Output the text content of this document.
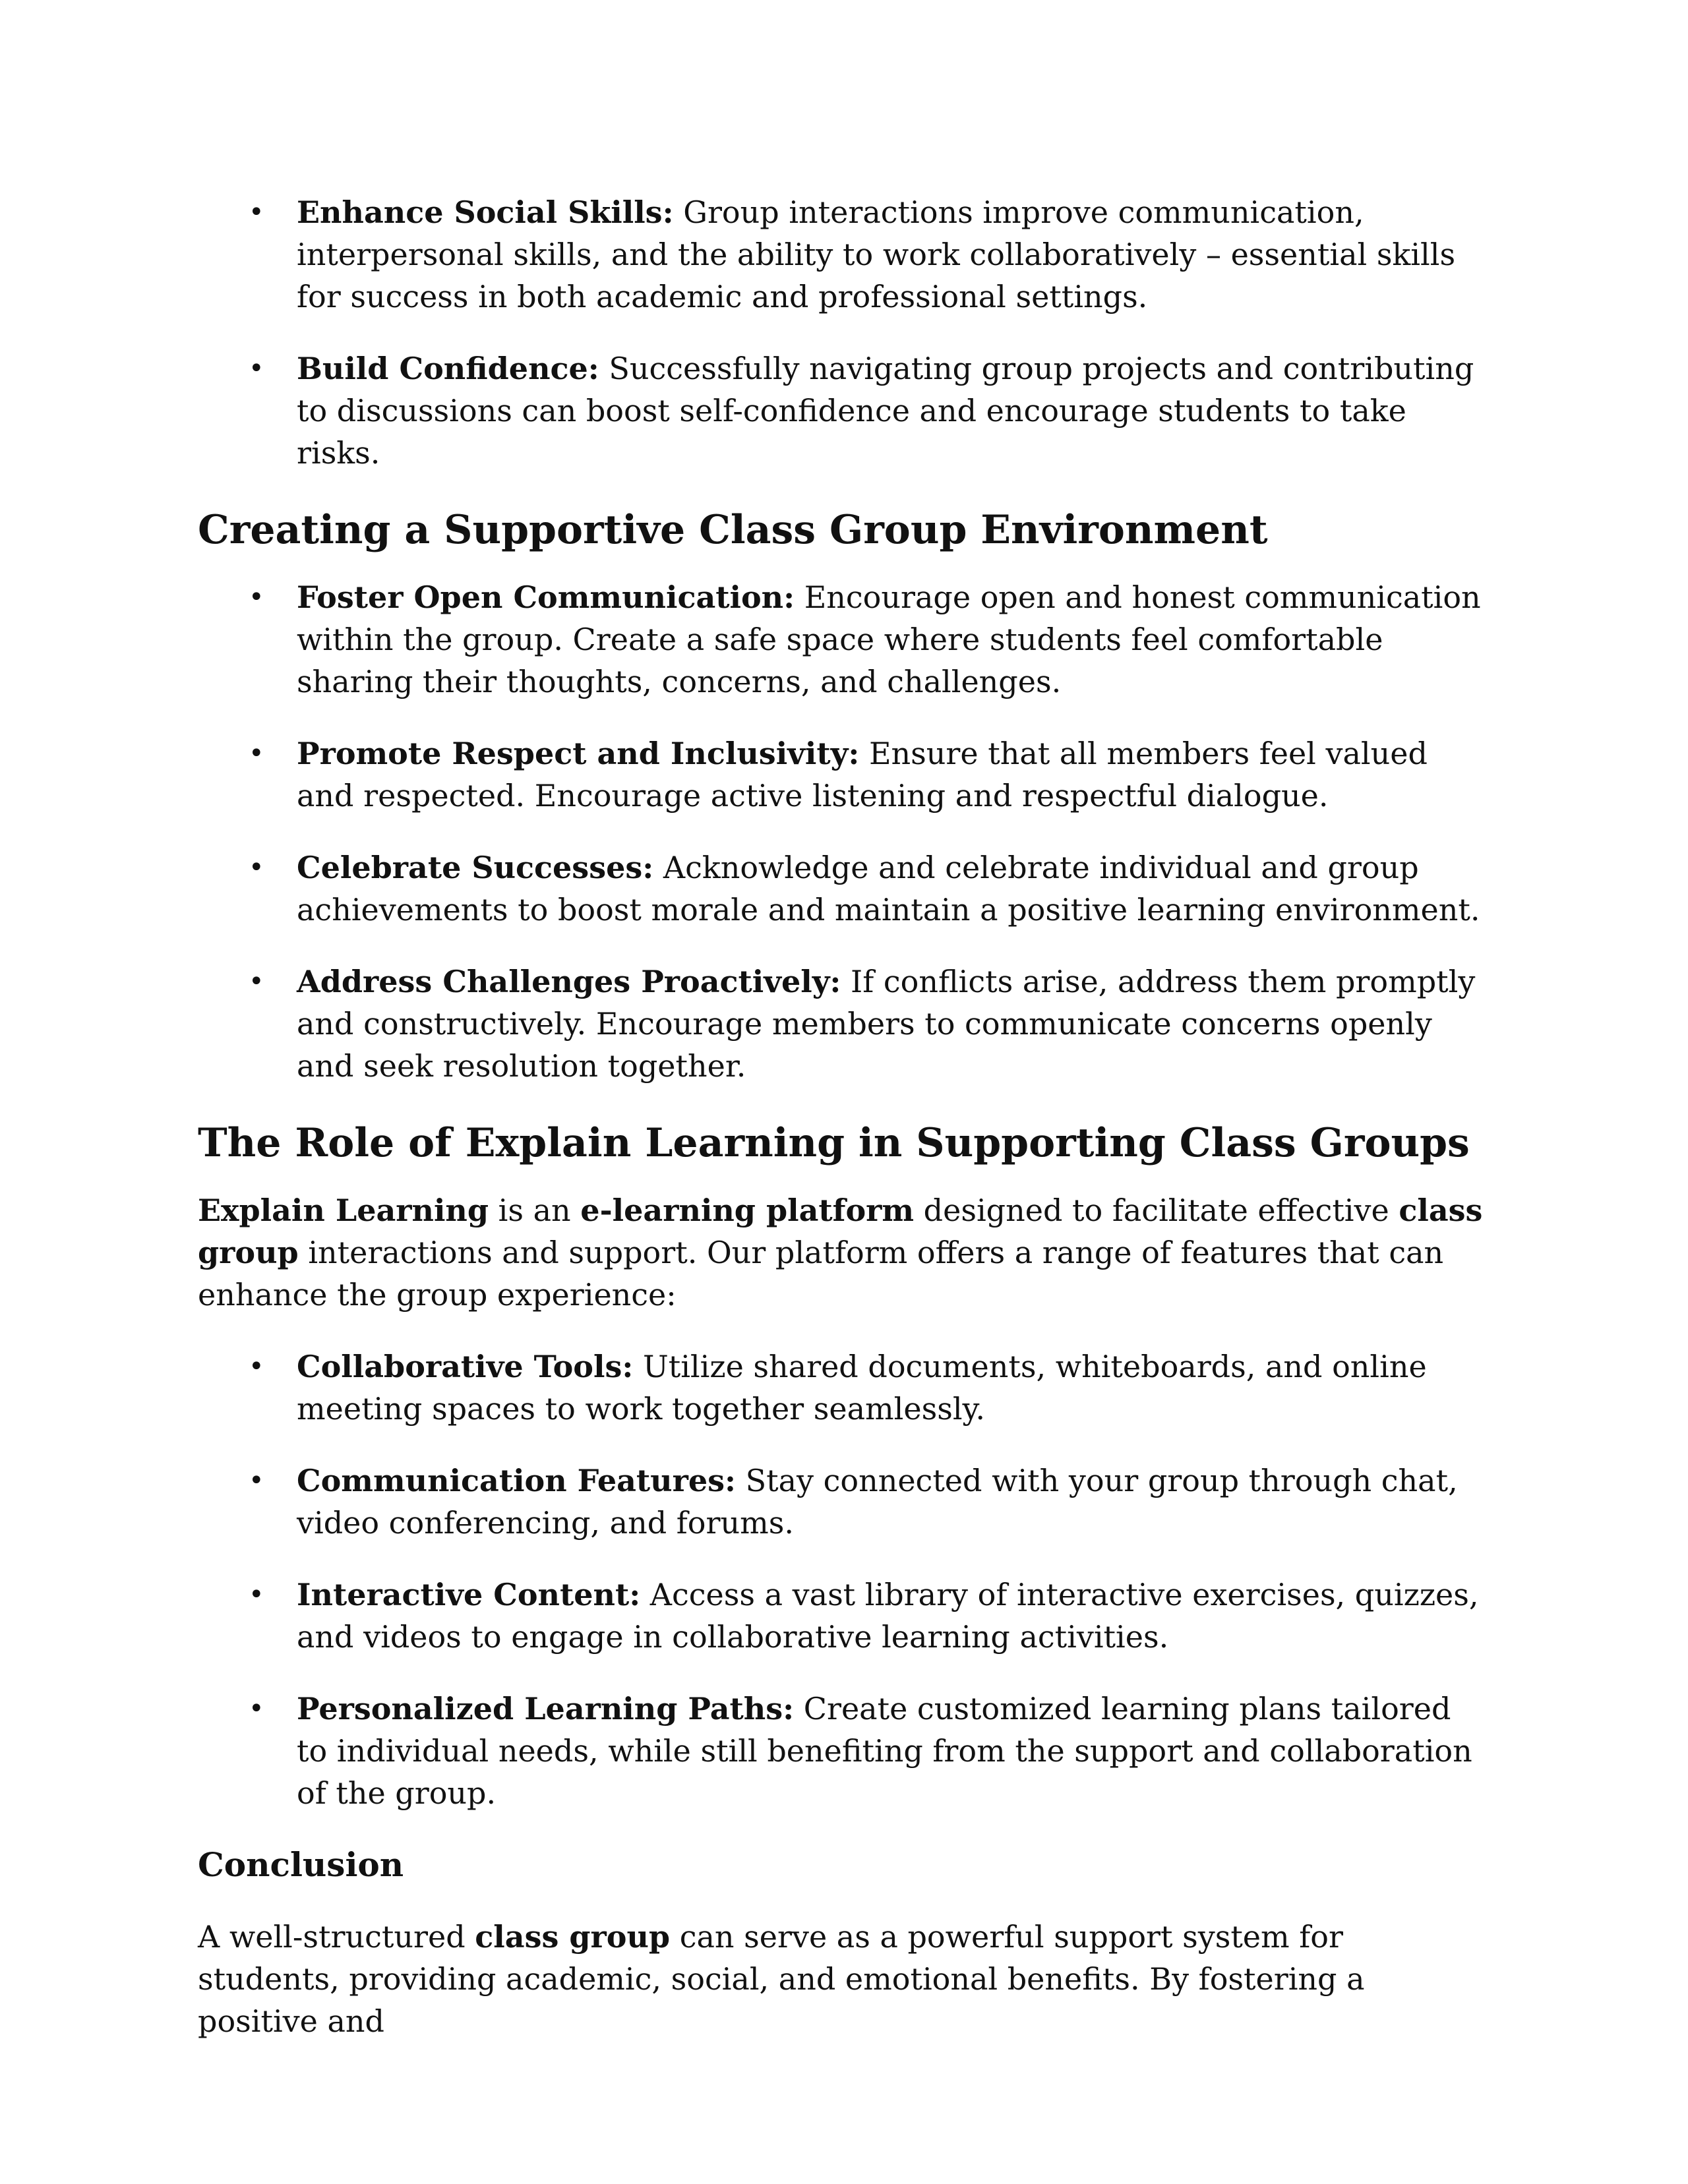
• Enhance Social Skills: Group interactions improve communication, interpersonal skills, and the ability to work collaboratively – essential skills for success in both academic and professional settings.
• Build Confidence: Successfully navigating group projects and contributing to discussions can boost self-confidence and encourage students to take risks.
Creating a Supportive Class Group Environment
• Foster Open Communication: Encourage open and honest communication within the group. Create a safe space where students feel comfortable sharing their thoughts, concerns, and challenges.
• Promote Respect and Inclusivity: Ensure that all members feel valued and respected. Encourage active listening and respectful dialogue.
• Celebrate Successes: Acknowledge and celebrate individual and group achievements to boost morale and maintain a positive learning environment.
• Address Challenges Proactively: If conflicts arise, address them promptly and constructively. Encourage members to communicate concerns openly and seek resolution together.
The Role of Explain Learning in Supporting Class Groups

Explain Learning is an e-learning platform designed to facilitate effective class group interactions and support. Our platform offers a range of features that can enhance the group experience:

• Collaborative Tools: Utilize shared documents, whiteboards, and online meeting spaces to work together seamlessly.
• Communication Features: Stay connected with your group through chat, video conferencing, and forums.
• Interactive Content: Access a vast library of interactive exercises, quizzes, and videos to engage in collaborative learning activities.
• Personalized Learning Paths: Create customized learning plans tailored to individual needs, while still benefiting from the support and collaboration of the group.
Conclusion

A well-structured class group can serve as a powerful support system for students, providing academic, social, and emotional benefits. By fostering a positive and
